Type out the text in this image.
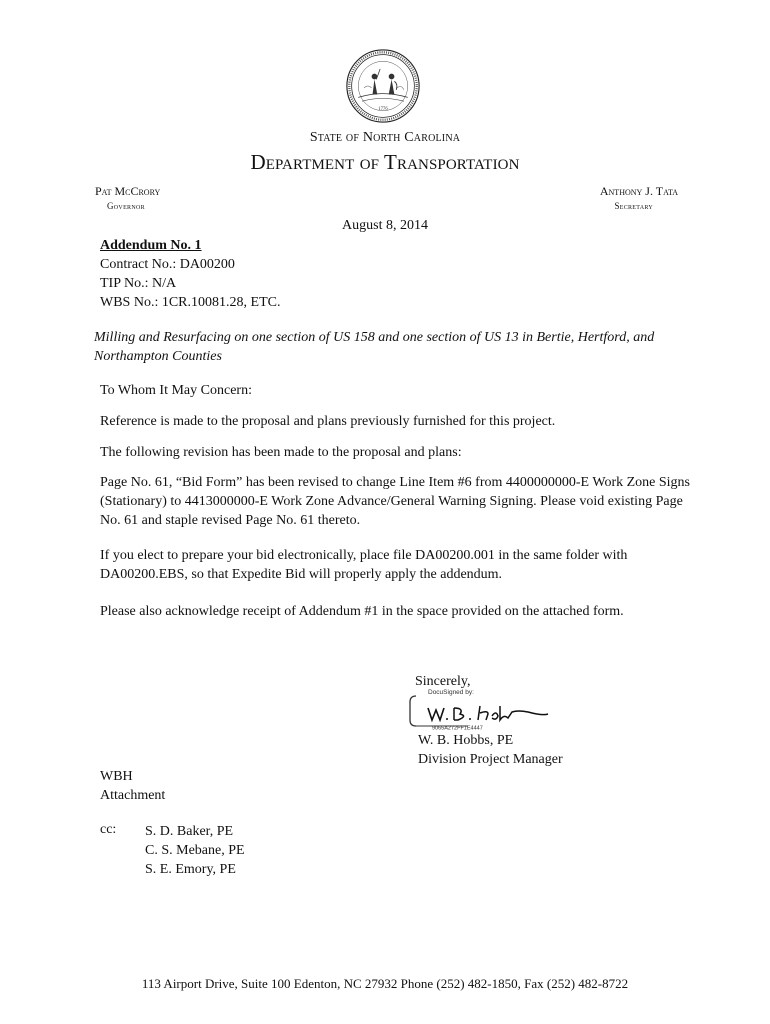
1776
State of North Carolina
Department of Transportation
Pat McCrory
Governor
Anthony J. Tata
Secretary
August 8, 2014
Addendum No. 1
Contract No.: DA00200
TIP No.: N/A
WBS No.: 1CR.10081.28, ETC.
Milling and Resurfacing on one section of US 158 and one section of US 13 in Bertie, Hertford, and Northampton Counties
To Whom It May Concern:
Reference is made to the proposal and plans previously furnished for this project.
The following revision has been made to the proposal and plans:
Page No. 61, “Bid Form” has been revised to change Line Item #6 from 4400000000-E Work Zone Signs (Stationary) to 4413000000-E Work Zone Advance/General Warning Signing. Please void existing Page No. 61 and staple revised Page No. 61 thereto.
If you elect to prepare your bid electronically, place file DA00200.001 in the same folder with DA00200.EBS, so that Expedite Bid will properly apply the addendum.
Please also acknowledge receipt of Addendum #1 in the space provided on the attached form.
Sincerely,
DocuSigned by:
9065A272FF1E4447
W. B. Hobbs, PE
Division Project Manager
WBH
Attachment
cc: S. D. Baker, PE
C. S. Mebane, PE
S. E. Emory, PE
113 Airport Drive, Suite 100 Edenton, NC 27932 Phone (252) 482-1850, Fax (252) 482-8722
